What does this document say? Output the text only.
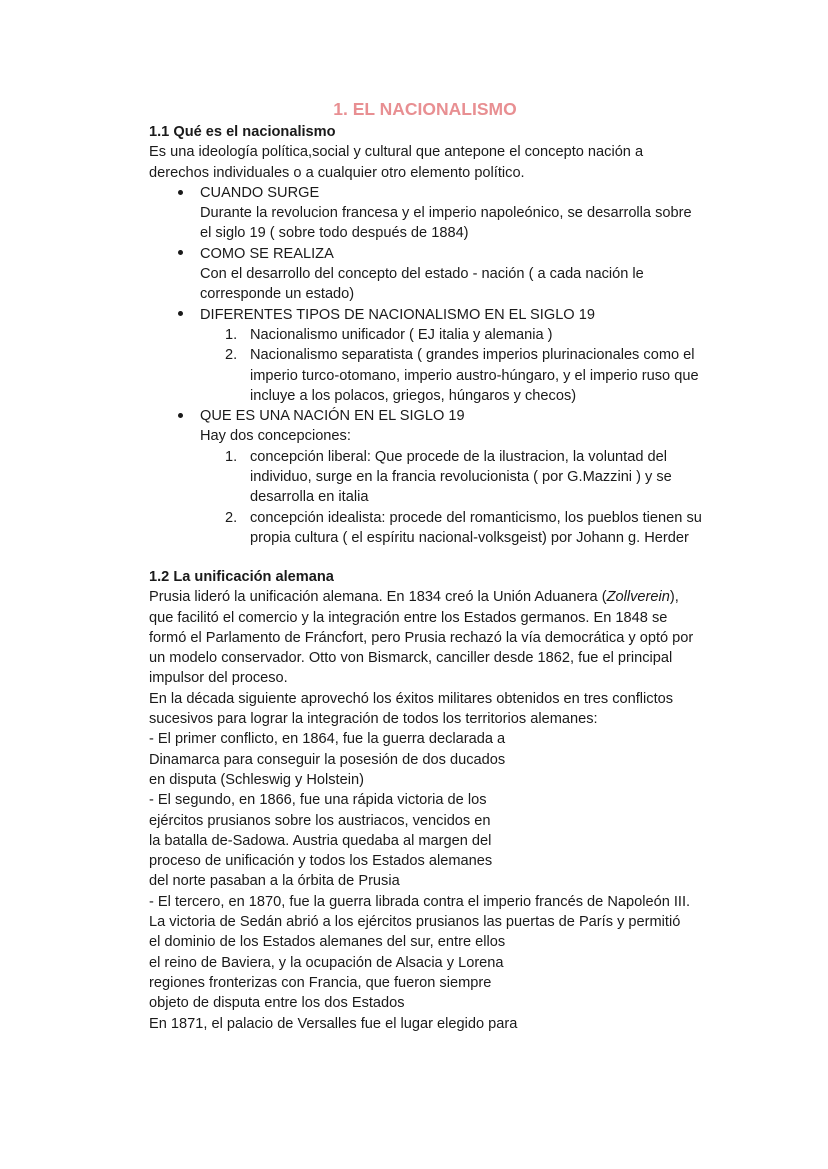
1. EL NACIONALISMO
1.1 Qué es el nacionalismo
Es una ideología política,social y cultural que antepone el concepto nación a
derechos individuales o a cualquier otro elemento político.
CUANDO SURGE
Durante la revolucion francesa y el imperio napoleónico, se desarrolla sobre
el siglo 19 ( sobre todo después de 1884)
COMO SE REALIZA
Con el desarrollo del concepto del estado - nación ( a cada nación le
corresponde un estado)
DIFERENTES TIPOS DE NACIONALISMO EN EL SIGLO 19
1. Nacionalismo unificador ( EJ italia y alemania )
2. Nacionalismo separatista ( grandes imperios plurinacionales como el
imperio turco-otomano, imperio austro-húngaro, y el imperio ruso que
incluye a los polacos, griegos, húngaros y checos)
QUE ES UNA NACIÓN EN EL SIGLO 19
Hay dos concepciones:
1. concepción liberal: Que procede de la ilustracion, la voluntad del
individuo, surge en la francia revolucionista ( por G.Mazzini ) y se
desarrolla en italia
2. concepción idealista: procede del romanticismo, los pueblos tienen su
propia cultura ( el espíritu nacional-volksgeist) por Johann g. Herder
1.2 La unificación alemana
Prusia lideró la unificación alemana. En 1834 creó la Unión Aduanera (Zollverein),
que facilitó el comercio y la integración entre los Estados germanos. En 1848 se
formó el Parlamento de Fráncfort, pero Prusia rechazó la vía democrática y optó por
un modelo conservador. Otto von Bismarck, canciller desde 1862, fue el principal
impulsor del proceso.
En la década siguiente aprovechó los éxitos militares obtenidos en tres conflictos
sucesivos para lograr la integración de todos los territorios alemanes:
- El primer conflicto, en 1864, fue la guerra declarada a
Dinamarca para conseguir la posesión de dos ducados
en disputa (Schleswig y Holstein)
- El segundo, en 1866, fue una rápida victoria de los
ejércitos prusianos sobre los austriacos, vencidos en
la batalla de-Sadowa. Austria quedaba al margen del
proceso de unificación y todos los Estados alemanes
del norte pasaban a la órbita de Prusia
- El tercero, en 1870, fue la guerra librada contra el imperio francés de Napoleón III.
La victoria de Sedán abrió a los ejércitos prusianos las puertas de París y permitió
el dominio de los Estados alemanes del sur, entre ellos
el reino de Baviera, y la ocupación de Alsacia y Lorena
regiones fronterizas con Francia, que fueron siempre
objeto de disputa entre los dos Estados
En 1871, el palacio de Versalles fue el lugar elegido para
